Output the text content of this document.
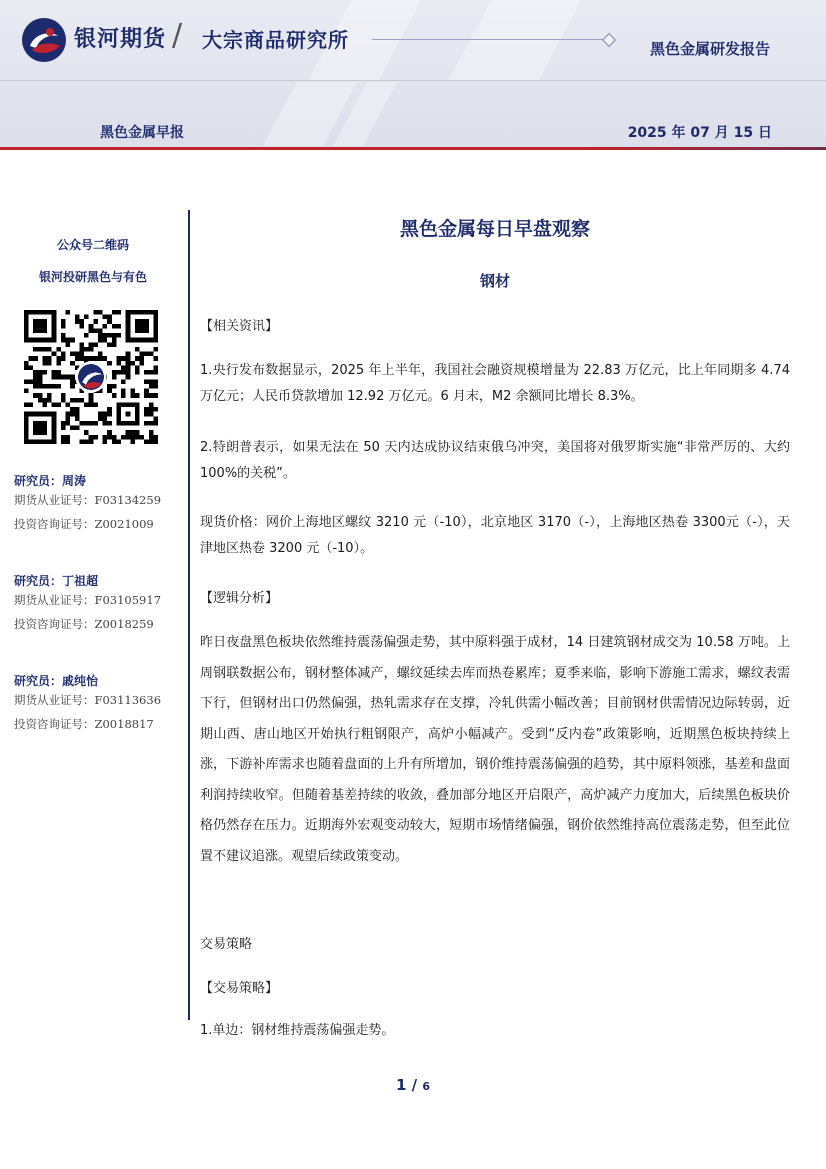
银河期货 / 大宗商品研究所	黑色金属研发报告
黑色金属早报	2025 年 07 月 15 日
公众号二维码
银河投研黑色与有色
研究员：周涛
期货从业证号：F03134259
投资咨询证号：Z0021009
研究员：丁祖超
期货从业证号：F03105917
投资咨询证号：Z0018259
研究员：戚纯怡
期货从业证号：F03113636
投资咨询证号：Z0018817
黑色金属每日早盘观察
钢材

【相关资讯】

1.央行发布数据显示，2025 年上半年，我国社会融资规模增量为 22.83 万亿元，比上年同期多 4.74 万亿元；人民币贷款增加 12.92 万亿元。6 月末，M2 余额同比增长 8.3%。

2.特朗普表示，如果无法在 50 天内达成协议结束俄乌冲突，美国将对俄罗斯实施“非常严厉的、大约 100%的关税”。

现货价格：网价上海地区螺纹 3210 元（-10），北京地区 3170（-），上海地区热卷 3300元（-），天津地区热卷 3200 元（-10）。

【逻辑分析】

昨日夜盘黑色板块依然维持震荡偏强走势，其中原料强于成材，14 日建筑钢材成交为 10.58 万吨。上周钢联数据公布，钢材整体减产，螺纹延续去库而热卷累库；夏季来临，影响下游施工需求，螺纹表需下行，但钢材出口仍然偏强，热轧需求存在支撑，冷轧供需小幅改善；目前钢材供需情况边际转弱，近期山西、唐山地区开始执行粗钢限产，高炉小幅减产。受到“反内卷”政策影响，近期黑色板块持续上涨，下游补库需求也随着盘面的上升有所增加，钢价维持震荡偏强的趋势，其中原料领涨，基差和盘面利润持续收窄。但随着基差持续的收敛，叠加部分地区开启限产，高炉减产力度加大，后续黑色板块价格仍然存在压力。近期海外宏观变动较大，短期市场情绪偏强，钢价依然维持高位震荡走势，但至此位置不建议追涨。观望后续政策变动。

交易策略

【交易策略】

1.单边：钢材维持震荡偏强走势。

1 / 6
